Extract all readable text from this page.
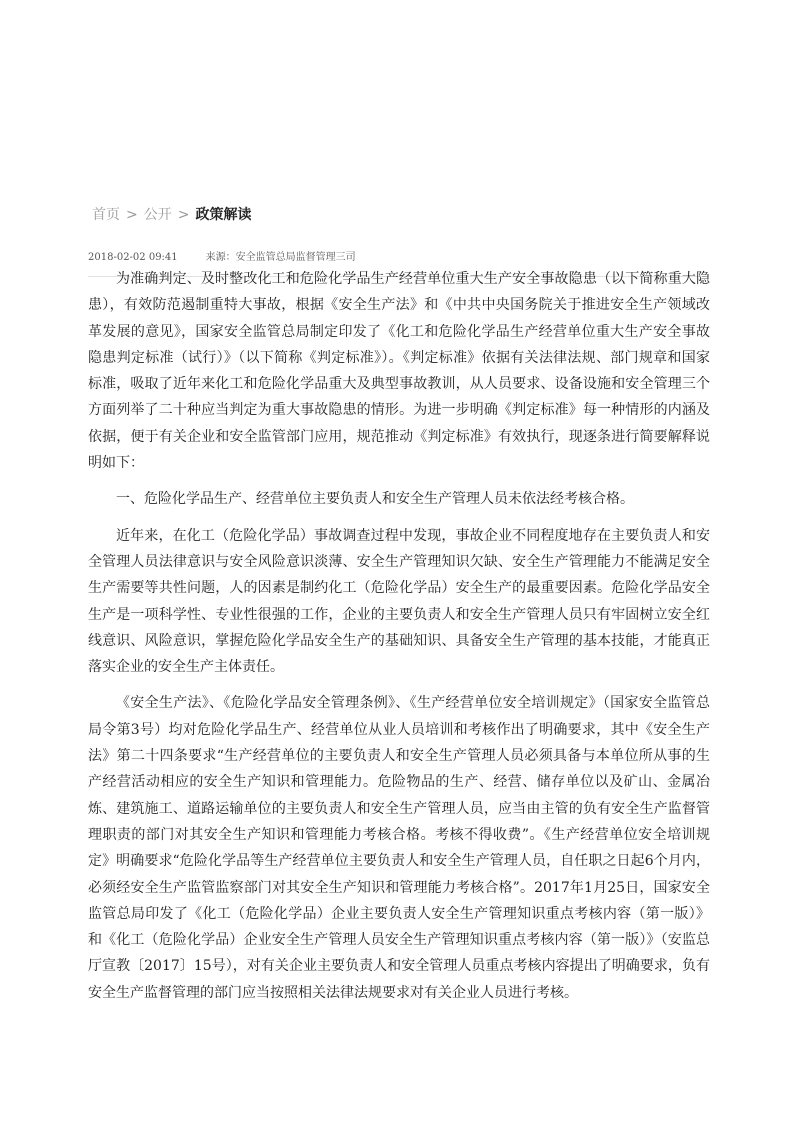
首页 > 公开 > 政策解读
2018-02-02 09:41	来源：安全监管总局监督管理三司

为准确判定、及时整改化工和危险化学品生产经营单位重大生产安全事故隐患（以下简称重大隐患），有效防范遏制重特大事故，根据《安全生产法》和《中共中央国务院关于推进安全生产领域改革发展的意见》，国家安全监管总局制定印发了《化工和危险化学品生产经营单位重大生产安全事故隐患判定标准（试行）》（以下简称《判定标准》）。《判定标准》依据有关法律法规、部门规章和国家标准，吸取了近年来化工和危险化学品重大及典型事故教训，从人员要求、设备设施和安全管理三个方面列举了二十种应当判定为重大事故隐患的情形。为进一步明确《判定标准》每一种情形的内涵及依据，便于有关企业和安全监管部门应用，规范推动《判定标准》有效执行，现逐条进行简要解释说明如下：

一、危险化学品生产、经营单位主要负责人和安全生产管理人员未依法经考核合格。

近年来，在化工（危险化学品）事故调查过程中发现，事故企业不同程度地存在主要负责人和安全管理人员法律意识与安全风险意识淡薄、安全生产管理知识欠缺、安全生产管理能力不能满足安全生产需要等共性问题，人的因素是制约化工（危险化学品）安全生产的最重要因素。危险化学品安全生产是一项科学性、专业性很强的工作，企业的主要负责人和安全生产管理人员只有牢固树立安全红线意识、风险意识，掌握危险化学品安全生产的基础知识、具备安全生产管理的基本技能，才能真正落实企业的安全生产主体责任。

《安全生产法》、《危险化学品安全管理条例》、《生产经营单位安全培训规定》（国家安全监管总局令第3号）均对危险化学品生产、经营单位从业人员培训和考核作出了明确要求，其中《安全生产法》第二十四条要求“生产经营单位的主要负责人和安全生产管理人员必须具备与本单位所从事的生产经营活动相应的安全生产知识和管理能力。危险物品的生产、经营、储存单位以及矿山、金属冶炼、建筑施工、道路运输单位的主要负责人和安全生产管理人员，应当由主管的负有安全生产监督管理职责的部门对其安全生产知识和管理能力考核合格。考核不得收费”。《生产经营单位安全培训规定》明确要求“危险化学品等生产经营单位主要负责人和安全生产管理人员，自任职之日起6个月内，必须经安全生产监管监察部门对其安全生产知识和管理能力考核合格”。2017年1月25日，国家安全监管总局印发了《化工（危险化学品）企业主要负责人安全生产管理知识重点考核内容（第一版）》和《化工（危险化学品）企业安全生产管理人员安全生产管理知识重点考核内容（第一版）》（安监总厅宣教〔2017〕15号），对有关企业主要负责人和安全管理人员重点考核内容提出了明确要求，负有安全生产监督管理的部门应当按照相关法律法规要求对有关企业人员进行考核。
